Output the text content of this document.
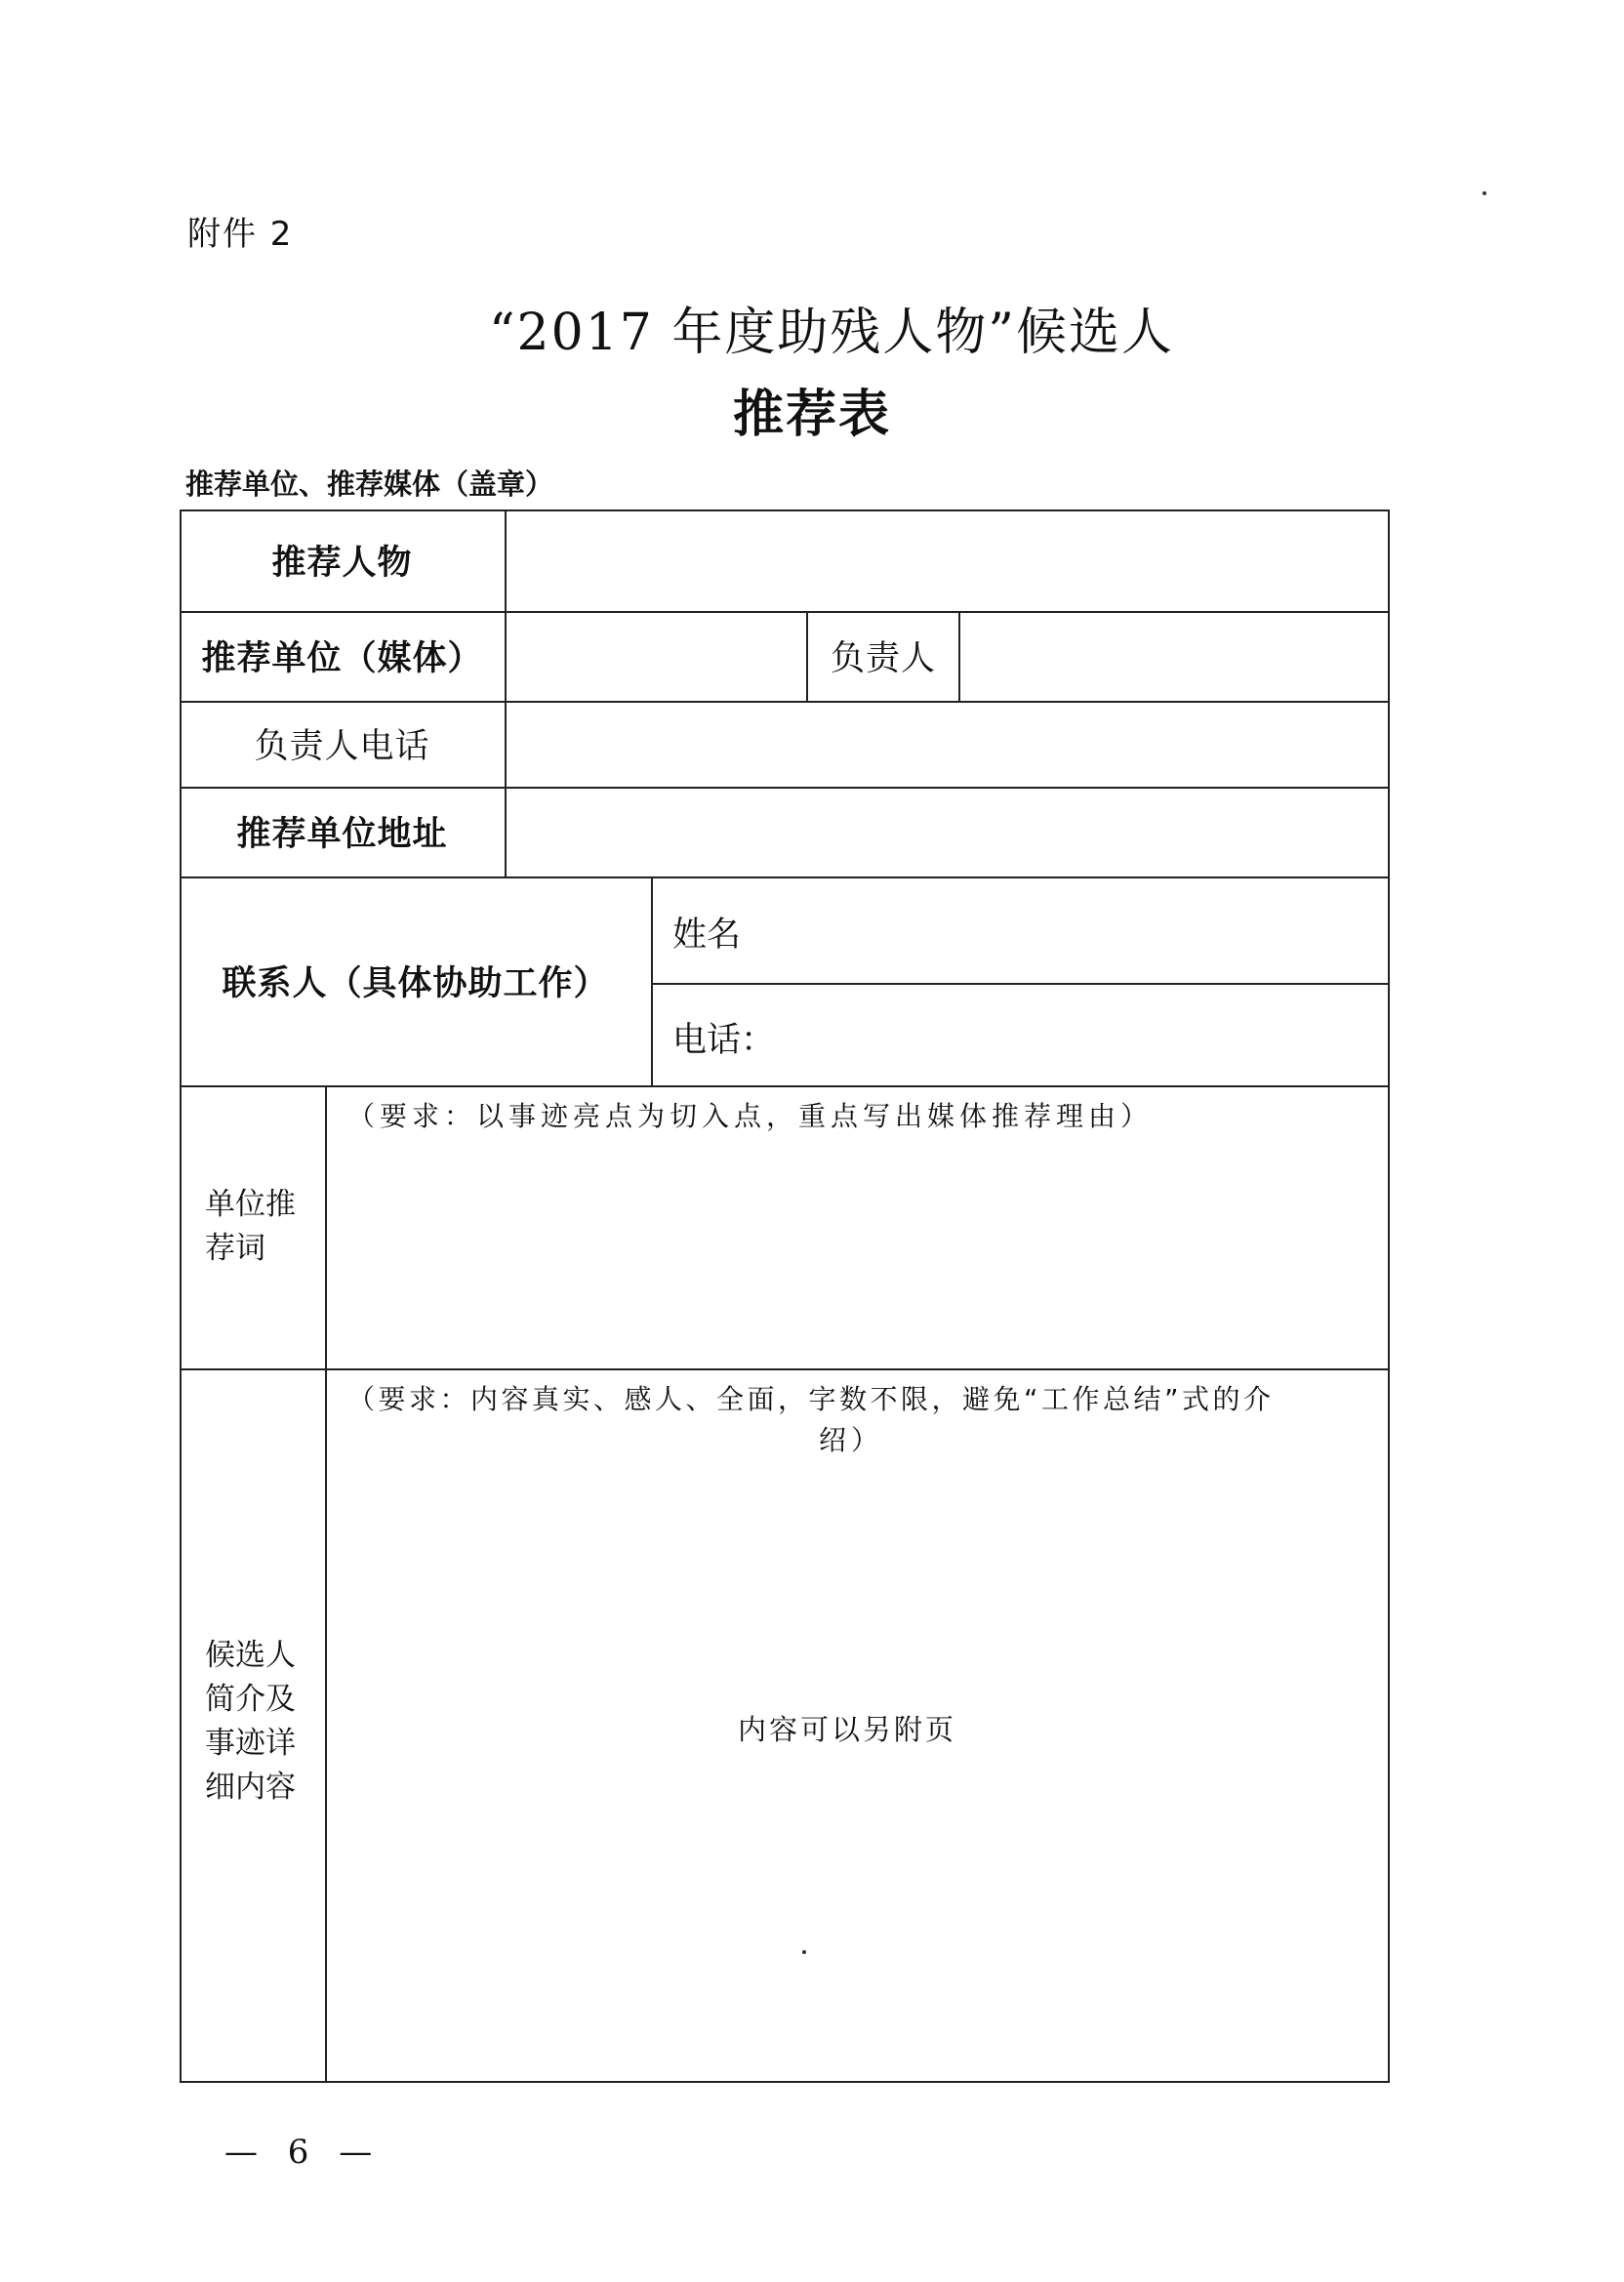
附件 2
“2017 年度助残人物”候选人
推荐表
推荐单位、推荐媒体（盖章）
推荐人物
推荐单位（媒体）	负责人
负责人电话
推荐单位地址
联系人（具体协助工作）
姓名
电话：
单位推
荐词
（要求：以事迹亮点为切入点，重点写出媒体推荐理由）
候选人
简介及
事迹详
细内容
（要求：内容真实、感人、全面，字数不限，避免“工作总结”式的介
绍）
内容可以另附页
— 6 —
